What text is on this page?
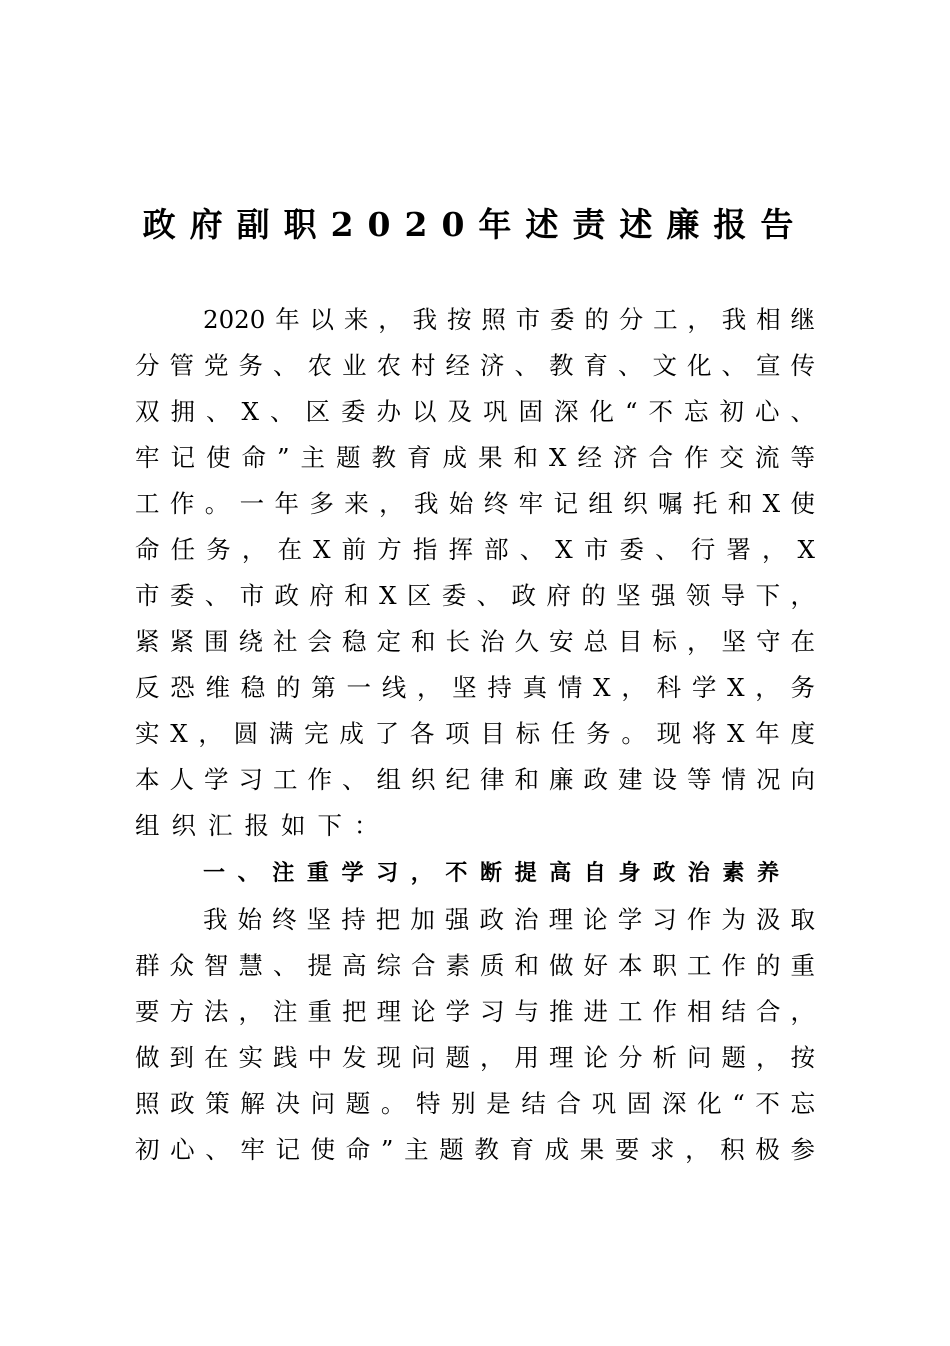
政府副职2020年述责述廉报告
2020年以来，我按照市委的分工，我相继
分管党务、农业农村经济、教育、文化、宣传
双拥、X、区委办以及巩固深化“不忘初心、
牢记使命”主题教育成果和X经济合作交流等
工作。一年多来，我始终牢记组织嘱托和X使
命任务，在X前方指挥部、X市委、行署，X
市委、市政府和X区委、政府的坚强领导下，
紧紧围绕社会稳定和长治久安总目标，坚守在
反恐维稳的第一线，坚持真情X，科学X，务
实X，圆满完成了各项目标任务。现将X年度
本人学习工作、组织纪律和廉政建设等情况向
组织汇报如下：
一、注重学习，不断提高自身政治素养
我始终坚持把加强政治理论学习作为汲取
群众智慧、提高综合素质和做好本职工作的重
要方法，注重把理论学习与推进工作相结合，
做到在实践中发现问题，用理论分析问题，按
照政策解决问题。特别是结合巩固深化“不忘
初心、牢记使命”主题教育成果要求，积极参
